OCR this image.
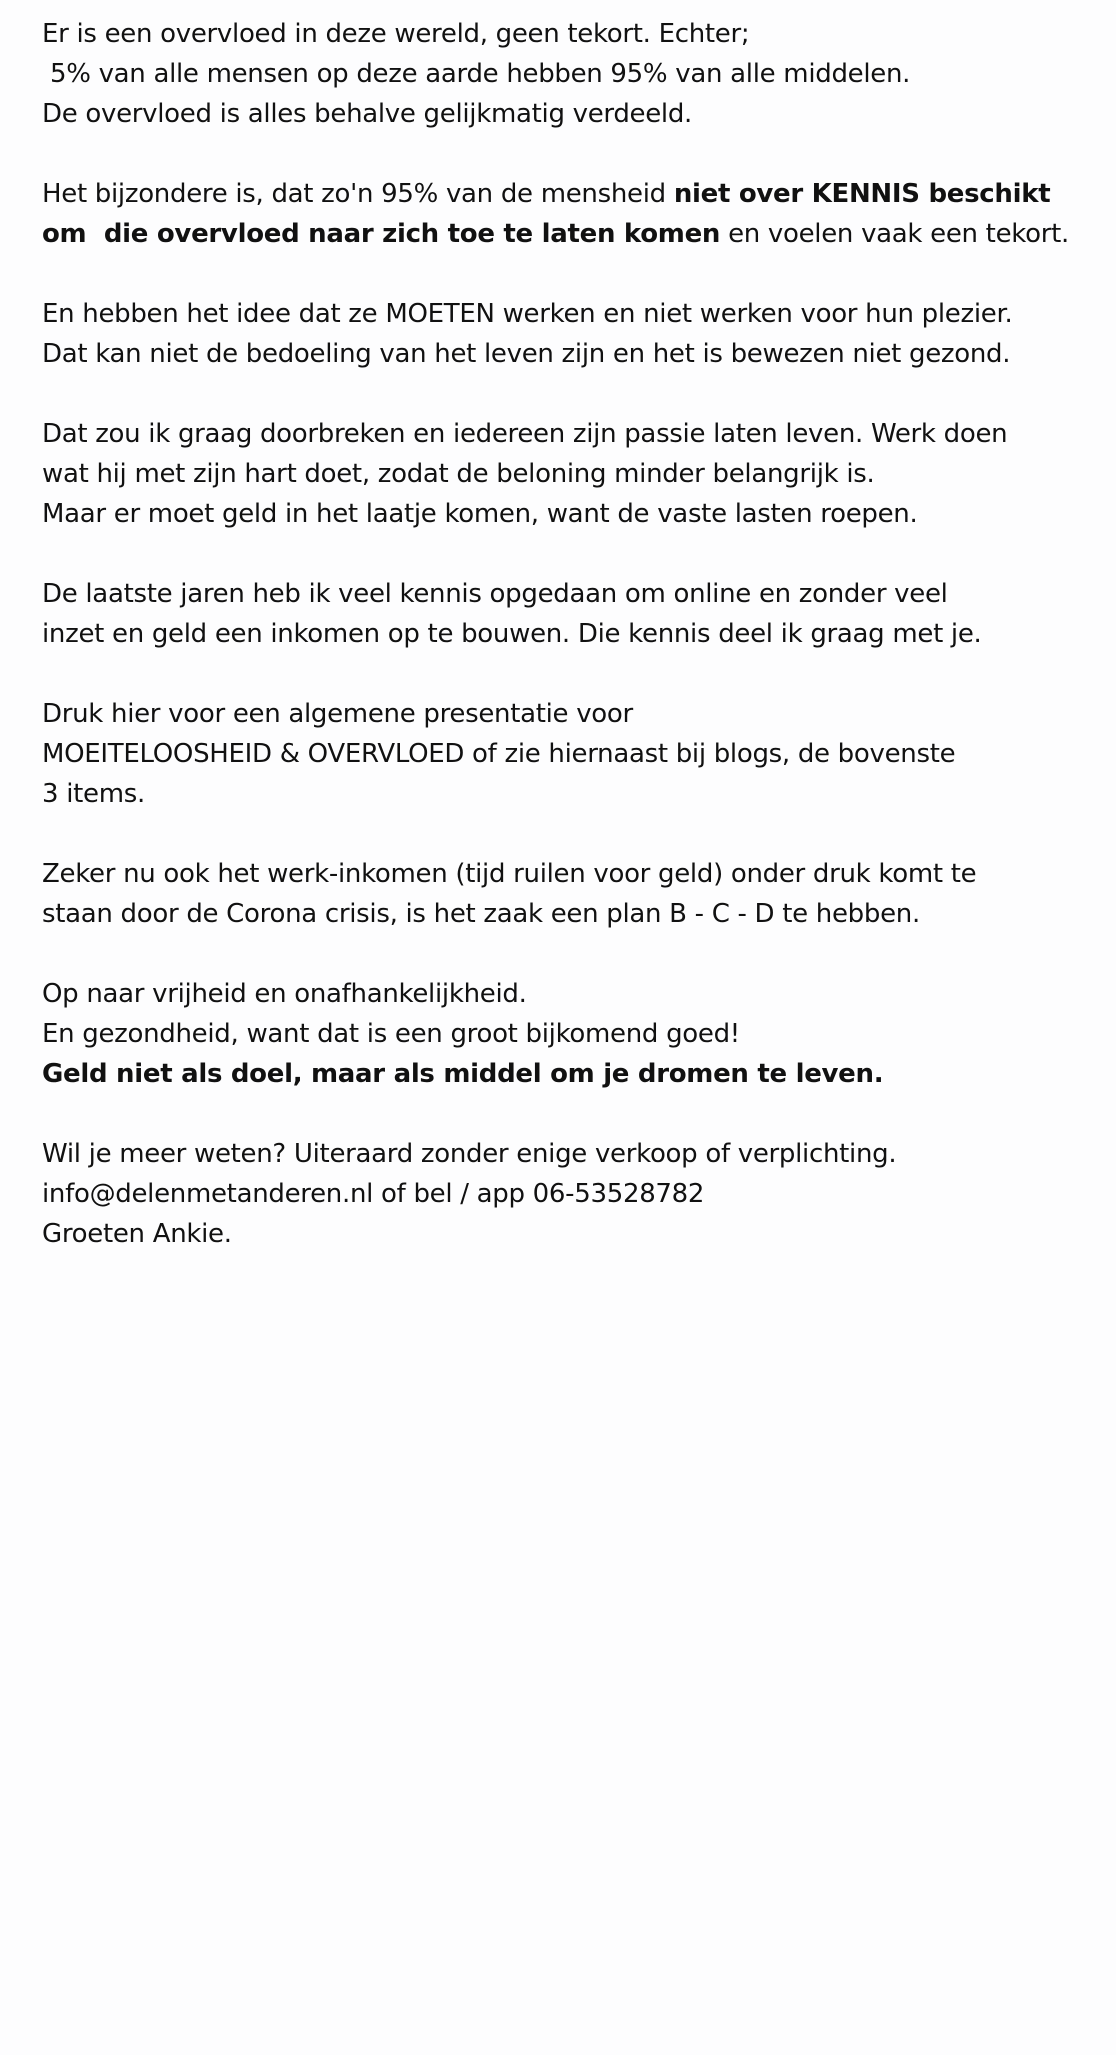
Er is een overvloed in deze wereld, geen tekort. Echter;
5% van alle mensen op deze aarde hebben 95% van alle middelen.
De overvloed is alles behalve gelijkmatig verdeeld.
Het bijzondere is, dat zo'n 95% van de mensheid niet over KENNIS beschikt
om  die overvloed naar zich toe te laten komen en voelen vaak een tekort.
En hebben het idee dat ze MOETEN werken en niet werken voor hun plezier.
Dat kan niet de bedoeling van het leven zijn en het is bewezen niet gezond.
Dat zou ik graag doorbreken en iedereen zijn passie laten leven. Werk doen
wat hij met zijn hart doet, zodat de beloning minder belangrijk is.
Maar er moet geld in het laatje komen, want de vaste lasten roepen.
De laatste jaren heb ik veel kennis opgedaan om online en zonder veel
inzet en geld een inkomen op te bouwen. Die kennis deel ik graag met je.
Druk hier voor een algemene presentatie voor
MOEITELOOSHEID & OVERVLOED of zie hiernaast bij blogs, de bovenste
3 items.
Zeker nu ook het werk-inkomen (tijd ruilen voor geld) onder druk komt te
staan door de Corona crisis, is het zaak een plan B - C - D te hebben.
Op naar vrijheid en onafhankelijkheid.
En gezondheid, want dat is een groot bijkomend goed!
Geld niet als doel, maar als middel om je dromen te leven.
Wil je meer weten? Uiteraard zonder enige verkoop of verplichting.
info@delenmetanderen.nl of bel / app 06-53528782
Groeten Ankie.
